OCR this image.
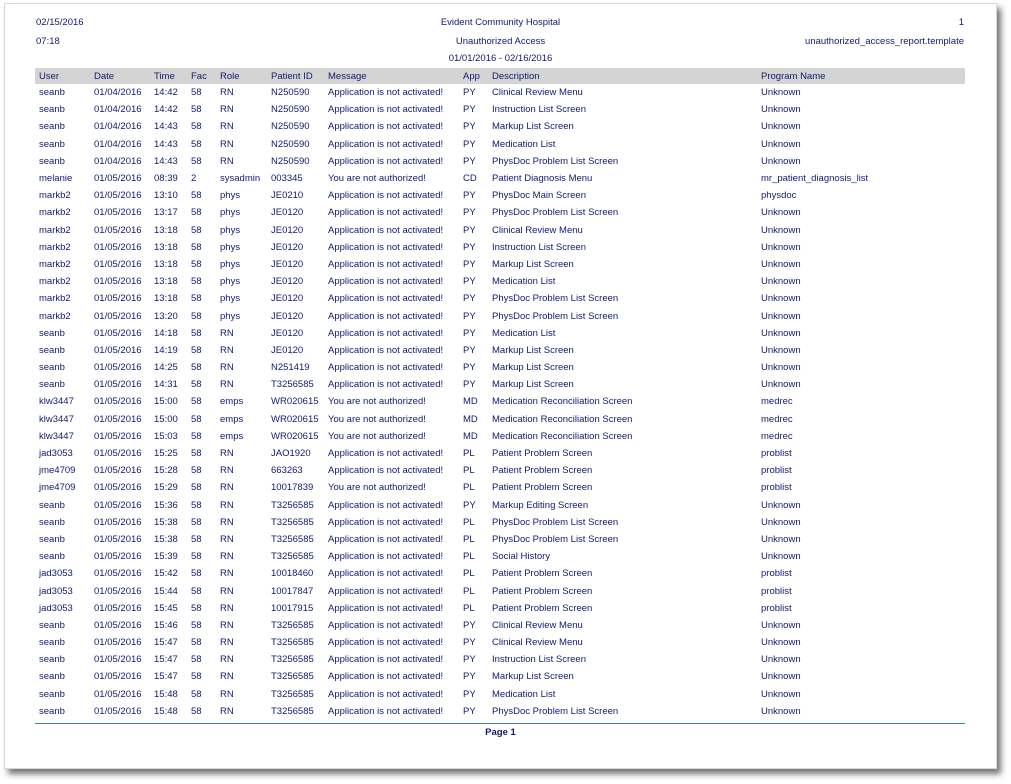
02/15/2016
07:18
Evident Community Hospital
Unauthorized Access
01/01/2016 - 02/16/2016
1
unauthorized_access_report.template
User	Date	Time	Fac	Role	Patient ID	Message	App	Description	Program Name
seanb	01/04/2016	14:42	58	RN	N250590	Application is not activated!	PY	Clinical Review Menu	Unknown
seanb	01/04/2016	14:42	58	RN	N250590	Application is not activated!	PY	Instruction List Screen	Unknown
seanb	01/04/2016	14:43	58	RN	N250590	Application is not activated!	PY	Markup List Screen	Unknown
seanb	01/04/2016	14:43	58	RN	N250590	Application is not activated!	PY	Medication List	Unknown
seanb	01/04/2016	14:43	58	RN	N250590	Application is not activated!	PY	PhysDoc Problem List Screen	Unknown
melanie	01/05/2016	08:39	2	sysadmin	003345	You are not authorized!	CD	Patient Diagnosis Menu	mr_patient_diagnosis_list
markb2	01/05/2016	13:10	58	phys	JE0210	Application is not activated!	PY	PhysDoc Main Screen	physdoc
markb2	01/05/2016	13:17	58	phys	JE0120	Application is not activated!	PY	PhysDoc Problem List Screen	Unknown
markb2	01/05/2016	13:18	58	phys	JE0120	Application is not activated!	PY	Clinical Review Menu	Unknown
markb2	01/05/2016	13:18	58	phys	JE0120	Application is not activated!	PY	Instruction List Screen	Unknown
markb2	01/05/2016	13:18	58	phys	JE0120	Application is not activated!	PY	Markup List Screen	Unknown
markb2	01/05/2016	13:18	58	phys	JE0120	Application is not activated!	PY	Medication List	Unknown
markb2	01/05/2016	13:18	58	phys	JE0120	Application is not activated!	PY	PhysDoc Problem List Screen	Unknown
markb2	01/05/2016	13:20	58	phys	JE0120	Application is not activated!	PY	PhysDoc Problem List Screen	Unknown
seanb	01/05/2016	14:18	58	RN	JE0120	Application is not activated!	PY	Medication List	Unknown
seanb	01/05/2016	14:19	58	RN	JE0120	Application is not activated!	PY	Markup List Screen	Unknown
seanb	01/05/2016	14:25	58	RN	N251419	Application is not activated!	PY	Markup List Screen	Unknown
seanb	01/05/2016	14:31	58	RN	T3256585	Application is not activated!	PY	Markup List Screen	Unknown
klw3447	01/05/2016	15:00	58	emps	WR020615	You are not authorized!	MD	Medication Reconciliation Screen	medrec
klw3447	01/05/2016	15:00	58	emps	WR020615	You are not authorized!	MD	Medication Reconciliation Screen	medrec
klw3447	01/05/2016	15:03	58	emps	WR020615	You are not authorized!	MD	Medication Reconciliation Screen	medrec
jad3053	01/05/2016	15:25	58	RN	JAO1920	Application is not activated!	PL	Patient Problem Screen	problist
jme4709	01/05/2016	15:28	58	RN	663263	Application is not activated!	PL	Patient Problem Screen	problist
jme4709	01/05/2016	15:29	58	RN	10017839	You are not authorized!	PL	Patient Problem Screen	problist
seanb	01/05/2016	15:36	58	RN	T3256585	Application is not activated!	PY	Markup Editing Screen	Unknown
seanb	01/05/2016	15:38	58	RN	T3256585	Application is not activated!	PL	PhysDoc Problem List Screen	Unknown
seanb	01/05/2016	15:38	58	RN	T3256585	Application is not activated!	PL	PhysDoc Problem List Screen	Unknown
seanb	01/05/2016	15:39	58	RN	T3256585	Application is not activated!	PL	Social History	Unknown
jad3053	01/05/2016	15:42	58	RN	10018460	Application is not activated!	PL	Patient Problem Screen	problist
jad3053	01/05/2016	15:44	58	RN	10017847	Application is not activated!	PL	Patient Problem Screen	problist
jad3053	01/05/2016	15:45	58	RN	10017915	Application is not activated!	PL	Patient Problem Screen	problist
seanb	01/05/2016	15:46	58	RN	T3256585	Application is not activated!	PY	Clinical Review Menu	Unknown
seanb	01/05/2016	15:47	58	RN	T3256585	Application is not activated!	PY	Clinical Review Menu	Unknown
seanb	01/05/2016	15:47	58	RN	T3256585	Application is not activated!	PY	Instruction List Screen	Unknown
seanb	01/05/2016	15:47	58	RN	T3256585	Application is not activated!	PY	Markup List Screen	Unknown
seanb	01/05/2016	15:48	58	RN	T3256585	Application is not activated!	PY	Medication List	Unknown
seanb	01/05/2016	15:48	58	RN	T3256585	Application is not activated!	PY	PhysDoc Problem List Screen	Unknown
Page 1
